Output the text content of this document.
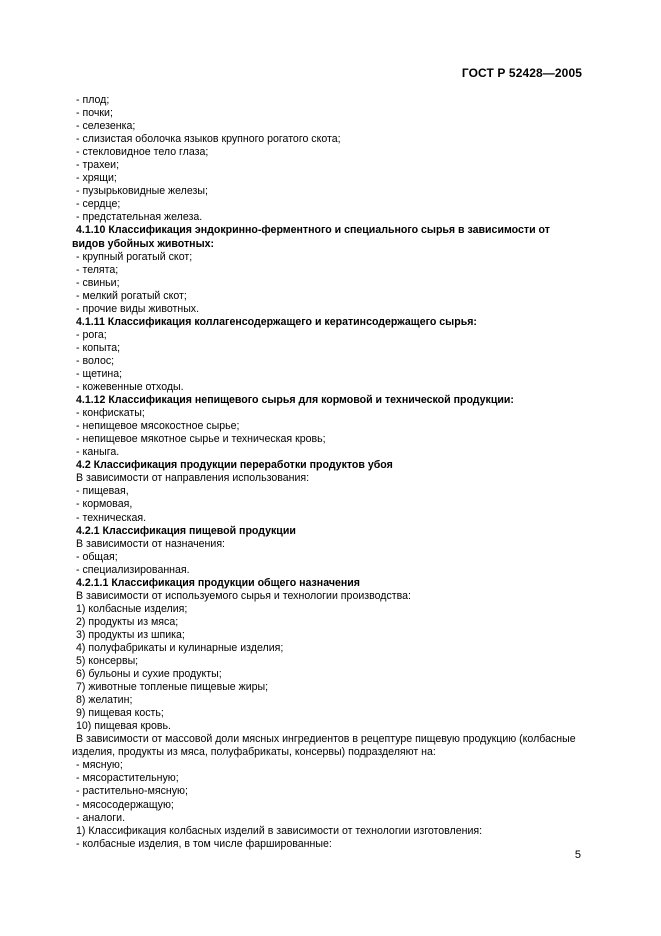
ГОСТ Р 52428—2005
- плод;
- почки;
- селезенка;
- слизистая оболочка языков крупного рогатого скота;
- стекловидное тело глаза;
- трахеи;
- хрящи;
- пузырьковидные железы;
- сердце;
- предстательная железа.
4.1.10 Классификация эндокринно-ферментного и специального сырья в зависимости от видов убойных животных:
- крупный рогатый скот;
- телята;
- свиньи;
- мелкий рогатый скот;
- прочие виды животных.
4.1.11 Классификация коллагенсодержащего и кератинсодержащего сырья:
- рога;
- копыта;
- волос;
- щетина;
- кожевенные отходы.
4.1.12 Классификация непищевого сырья для кормовой и технической продукции:
- конфискаты;
- непищевое мясокостное сырье;
- непищевое мякотное сырье и техническая кровь;
- каныга.
4.2 Классификация продукции переработки продуктов убоя
В зависимости от направления использования:
- пищевая,
- кормовая,
- техническая.
4.2.1 Классификация пищевой продукции
В зависимости от назначения:
- общая;
- специализированная.
4.2.1.1 Классификация продукции общего назначения
В зависимости от используемого сырья и технологии производства:
1) колбасные изделия;
2) продукты из мяса;
3) продукты из шпика;
4) полуфабрикаты и кулинарные изделия;
5) консервы;
6) бульоны и сухие продукты;
7) животные топленые пищевые жиры;
8) желатин;
9) пищевая кость;
10) пищевая кровь.
В зависимости от массовой доли мясных ингредиентов в рецептуре пищевую продукцию (колбасные изделия, продукты из мяса, полуфабрикаты, консервы) подразделяют на:
- мясную;
- мясорастительную;
- растительно-мясную;
- мясосодержащую;
- аналоги.
1) Классификация колбасных изделий в зависимости от технологии изготовления:
- колбасные изделия, в том числе фаршированные:
5
